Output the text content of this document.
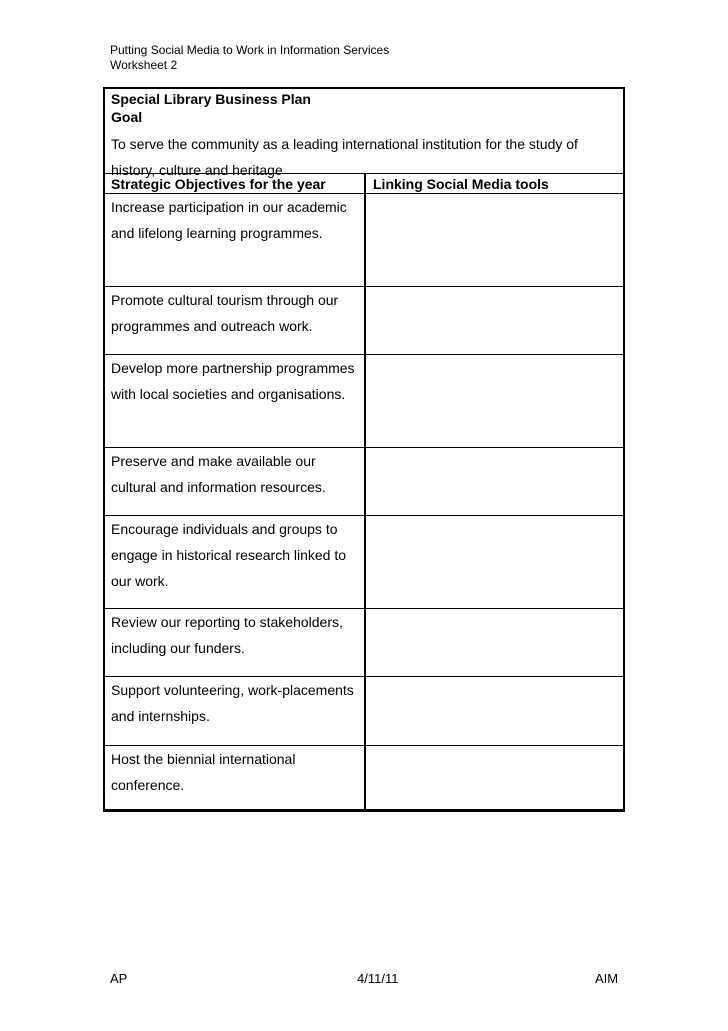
Putting Social Media to Work in Information Services
Worksheet 2
Special Library Business Plan
Goal
To serve the community as a leading international institution for the study of history, culture and heritage
Strategic Objectives for the year	Linking Social Media tools
Increase participation in our academic and lifelong learning programmes.
Promote cultural tourism through our programmes and outreach work.
Develop more partnership programmes with local societies and organisations.
Preserve and make available our cultural and information resources.
Encourage individuals and groups to engage in historical research linked to our work.
Review our reporting to stakeholders, including our funders.
Support volunteering, work-placements and internships.
Host the biennial international conference.
AP	4/11/11	AIM
